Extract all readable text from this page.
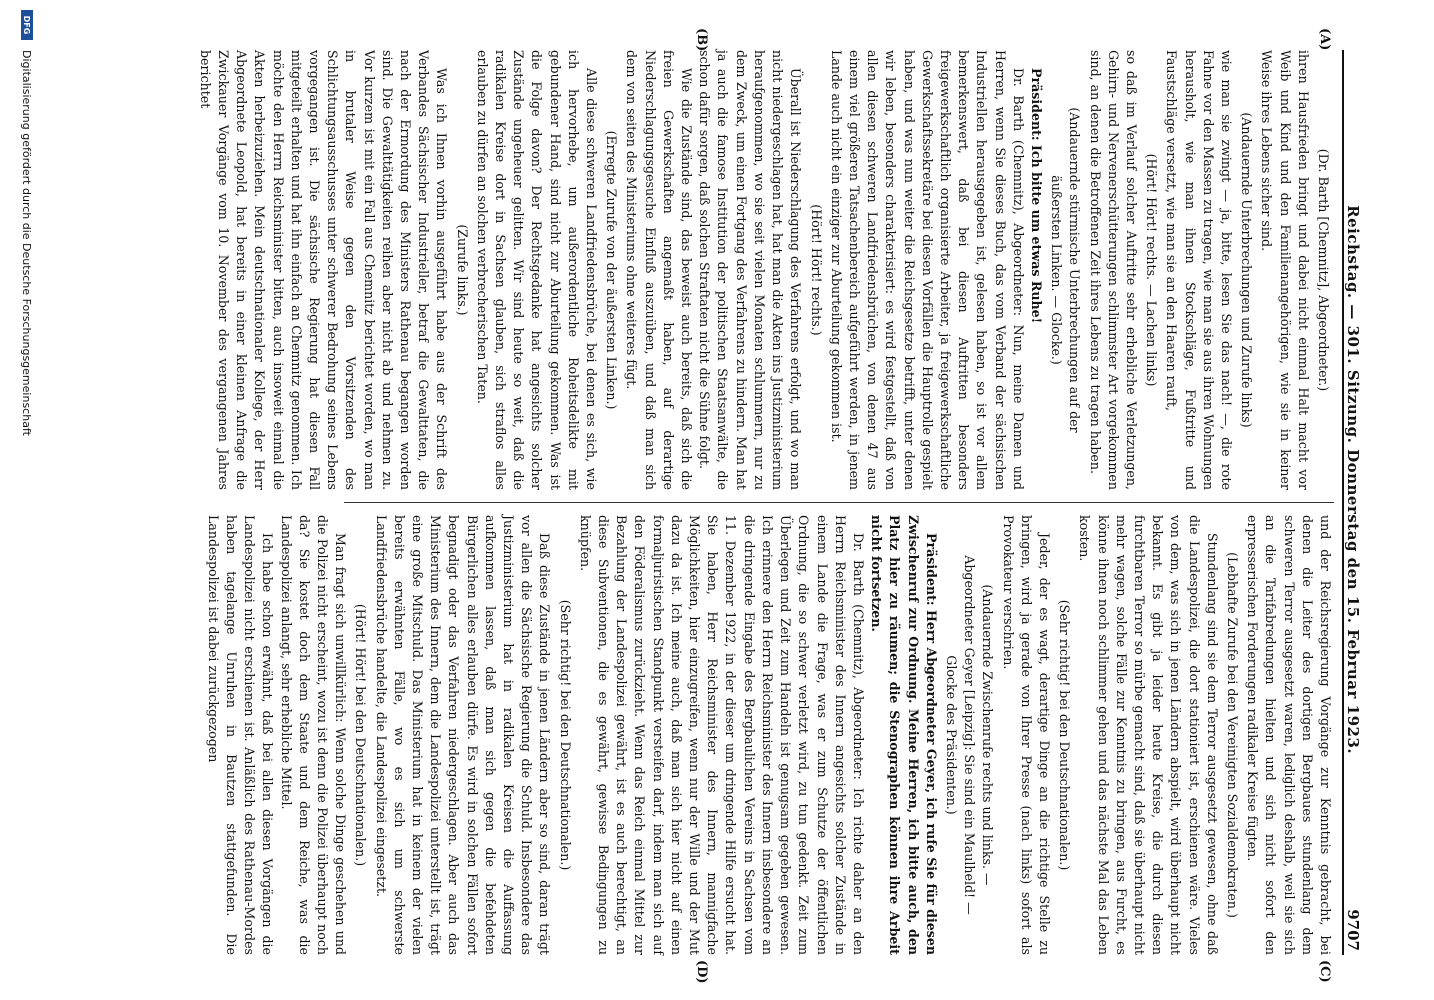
Reichstag. — 301. Sitzung. Donnerstag den 15. Februar 1923.
9707

(Dr. Barth [Chemnitz], Abgeordneter.)

ihren Hausfrieden bringt und dabei nicht einmal Halt macht vor Weib und Kind und den Familienangehörigen, wie sie in keiner Weise ihres Lebens sicher sind.

(Andauernde Unterbrechungen und Zurufe links)

wie man sie zwingt — ja, bitte, lesen Sie das nach! —, die rote Fahne vor den Massen zu tragen, wie man sie aus ihren Wohnungen herausholt, wie man ihnen Stockschläge, Fußtritte und Faustschläge versetzt, wie man sie an den Haaren rauft,

(Hört! Hört! rechts. — Lachen links)

so daß im Verlauf solcher Auftritte sehr erhebliche Verletzungen, Gehirn- und Nervenerschütterungen schlimmster Art vorgekommen sind, an denen die Betroffenen Zeit ihres Lebens zu tragen haben.

(Andauernde stürmische Unterbrechungen auf der äußersten Linken. — Glocke.)

Präsident: Ich bitte um etwas Ruhe!

Dr. Barth (Chemnitz), Abgeordneter: Nun, meine Damen und Herren, wenn Sie dieses Buch, das vom Verband der sächsischen Industriellen herausgegeben ist, gelesen haben, so ist vor allem bemerkenswert, daß bei diesen Auftritten besonders freigewerkschaftlich organisierte Arbeiter, ja freigewerkschaftliche Gewerkschaftssekretäre bei diesen Vorfällen die Hauptrolle gespielt haben, und was nun weiter die Reichsgesetze betrifft, unter denen wir leben, besonders charakterisiert: es wird festgestellt, daß von allen diesen schweren Landfriedensbrüchen, von denen 47 aus einem viel größeren Tatsachenbereich aufgeführt werden, in jenem Lande auch nicht ein einziger zur Aburteilung gekommen ist.

(Hört! Hört! rechts.)

Überall ist Niederschlagung des Verfahrens erfolgt, und wo man nicht niedergeschlagen hat, hat man die Akten ins Justizministerium heraufgenommen, wo sie seit vielen Monaten schlummern, nur zu dem Zweck, um einen Fortgang des Verfahrens zu hindern. Man hat ja auch die famose Institution der politischen Staatsanwälte, die schon dafür sorgen, daß solchen Straftaten nicht die Sühne folgt.

Wie die Zustände sind, das beweist auch bereits, daß sich die freien Gewerkschaften angemaßt haben, auf derartige Niederschlagungsgesuche Einfluß auszuüben, und daß man sich dem von seiten des Ministeriums ohne weiteres fügt.

(Erregte Zurufe von der äußersten Linken.)

Alle diese schweren Landfriedensbrüche, bei denen es sich, wie ich hervorhebe, um außerordentliche Roheitsdelikte mit gebundener Hand, sind nicht zur Aburteilung gekommen. Was ist die Folge davon? Der Rechtsgedanke hat angesichts solcher Zustände ungeheuer gelitten. Wir sind heute so weit, daß die radikalen Kreise dort in Sachsen glauben, sich straflos alles erlauben zu dürfen an solchen verbrecherischen Taten.

(Zurufe links.)

Was ich Ihnen vorhin ausgeführt habe aus der Schrift des Verbandes Sächsischer Industrieller, betraf die Gewalttaten, die nach der Ermordung des Ministers Rathenau begangen worden sind. Die Gewalttätigkeiten reihen aber nicht ab und nehmen zu. Vor kurzem ist mit ein Fall aus Chemnitz berichtet worden, wo man in brutaler Weise gegen den Vorsitzenden des Schlichtungsausschusses unter schwerer Bedrohung seines Lebens vorgegangen ist. Die sächsische Regierung hat diesen Fall mitgeteilt erhalten und hat ihn einfach an Chemnitz genommen. Ich möchte den Herrn Reichsminister bitten, auch insoweit einmal die Akten herbeizuziehen. Mein deutschnationaler Kollege, der Herr Abgeordnete Leopold, hat bereits in einer kleinen Anfrage die Zwickauer Vorgänge vom 10. November des vergangenen Jahres berichtet

und der Reichsregierung Vorgänge zur Kenntnis gebracht, bei denen die Leiter des dortigen Bergbaues stundenlang dem schweren Terror ausgesetzt waren, lediglich deshalb, weil sie sich an die Tarifabredungen hielten und sich nicht sofort den erpresserischen Forderungen radikaler Kreise fügten.

(Lebhafte Zurufe bei den Vereinigten Sozialdemokraten.)

Stundenlang sind sie dem Terror ausgesetzt gewesen, ohne daß die Landespolizei, die dort stationiert ist, erschienen wäre. Vieles von dem, was sich in jenen Ländern abspielt, wird überhaupt nicht bekannt. Es gibt ja leider heute Kreise, die durch diesen furchtbaren Terror so mürbe gemacht sind, daß sie überhaupt nicht mehr wagen, solche Fälle zur Kenntnis zu bringen, aus Furcht, es könne ihnen noch schlimmer gehen und das nächste Mal das Leben kosten.

(Sehr richtig! bei den Deutschnationalen.)

Jeder, der es wagt, derartige Dinge an die richtige Stelle zu bringen, wird ja gerade von Ihrer Presse (nach links) sofort als Provokateur verschrien.

(Andauernde Zwischenrufe rechts und links. — Abgeordneter Geyer [Leipzig]: Sie sind ein Maulheld! — Glocke des Präsidenten.)

Präsident: Herr Abgeordneter Geyer, ich rufe Sie für diesen Zwischenruf zur Ordnung. Meine Herren, ich bitte auch, den Platz hier zu räumen; die Stenographen können ihre Arbeit nicht fortsetzen.

Dr. Barth (Chemnitz), Abgeordneter: Ich richte daher an den Herrn Reichsminister des Innern angesichts solcher Zustände in einem Lande die Frage, was er zum Schutze der öffentlichen Ordnung, die so schwer verletzt wird, zu tun gedenkt. Zeit zum Überlegen und Zeit zum Handeln ist genugsam gegeben gewesen. Ich erinnere den Herrn Reichsminister des Innern insbesondere an die dringende Eingabe des Bergbaulichen Vereins in Sachsen vom 11. Dezember 1922, in der dieser um dringende Hilfe ersucht hat. Sie haben, Herr Reichsminister des Innern, mannigfache Möglichkeiten, hier einzugreifen, wenn nur der Wille und der Mut dazu da ist. Ich meine auch, daß man sich hier nicht auf einen formaljuristischen Standpunkt versteifen darf, indem man sich auf den Föderalismus zurückzieht. Wenn das Reich einmal Mittel zur Bezahlung der Landespolizei gewährt, ist es auch berechtigt, an diese Subventionen, die es gewährt, gewisse Bedingungen zu knüpfen.

(Sehr richtig! bei den Deutschnationalen.)

Daß diese Zustände in jenen Ländern aber so sind, daran trägt vor allen die Sächsische Regierung die Schuld. Insbesondere das Justizministerium hat in radikalen Kreisen die Auffassung aufkommen lassen, daß man sich gegen die befehdeten Bürgerlichen alles erlauben dürfe. Es wird in solchen Fällen sofort begnadigt oder das Verfahren niedergeschlagen. Aber auch das Ministerium des Innern, dem die Landespolizei unterstellt ist, trägt eine große Mitschuld. Das Ministerium hat in keinem der vielen bereits erwähnten Fälle, wo es sich um schwerste Landfriedensbrüche handelte, die Landespolizei eingesetzt.

(Hört! Hört! bei den Deutschnationalen.)

Man fragt sich unwillkürlich: Wenn solche Dinge geschehen und die Polizei nicht erscheint, wozu ist denn die Polizei überhaupt noch da? Sie kostet doch dem Staate und dem Reiche, was die Landespolizei anlangt, sehr erhebliche Mittel.

Ich habe schon erwähnt, daß bei allen diesen Vorgängen die Landespolizei nicht erschienen ist. Anläßlich des Rathenau-Mordes haben tagelange Unruhen in Bautzen stattgefunden. Die Landespolizei ist dabei zurückgezogen

(A)
(B)
(C)
(D)
DFG
Digitalisierung gefördert durch die Deutsche Forschungsgemeinschaft
